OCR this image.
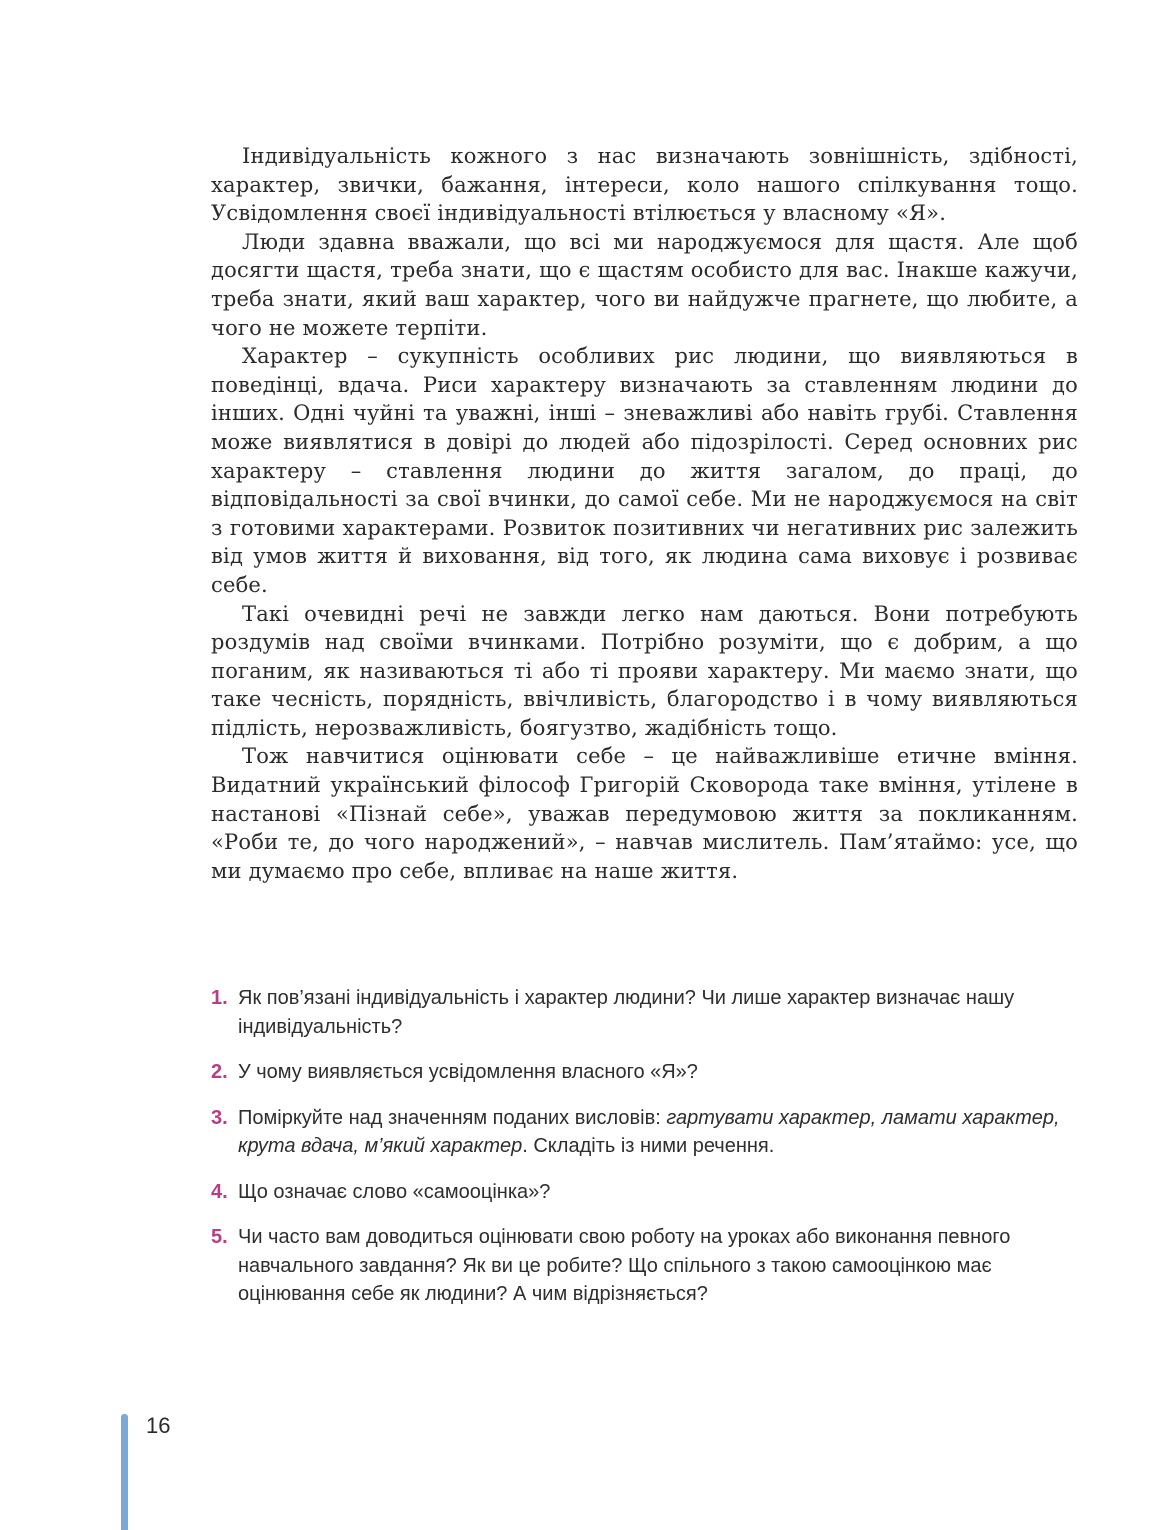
Індивідуальність кожного з нас визначають зовнішність, здібності, характер, звички, бажання, інтереси, коло нашого спілкування тощо. Усвідомлення своєї індивідуальності втілюється у власному «Я».

Люди здавна вважали, що всі ми народжуємося для щастя. Але щоб досягти щастя, треба знати, що є щастям особисто для вас. Інакше кажучи, треба знати, який ваш характер, чого ви найдужче прагнете, що любите, а чого не можете терпіти.

Характер – сукупність особливих рис людини, що виявляються в поведінці, вдача. Риси характеру визначають за ставленням людини до інших. Одні чуйні та уважні, інші – зневажливі або навіть грубі. Ставлення може виявлятися в довірі до людей або підозрілості. Серед основних рис характеру – ставлення людини до життя загалом, до праці, до відповідальності за свої вчинки, до самої себе. Ми не народжуємося на світ з готовими характерами. Розвиток позитивних чи негативних рис залежить від умов життя й виховання, від того, як людина сама виховує і розвиває себе.

Такі очевидні речі не завжди легко нам даються. Вони потребують роздумів над своїми вчинками. Потрібно розуміти, що є добрим, а що поганим, як називаються ті або ті прояви характеру. Ми маємо знати, що таке чесність, порядність, ввічливість, благородство і в чому виявляються підлість, нерозважливість, боягузтво, жадібність тощо.

Тож навчитися оцінювати себе – це найважливіше етичне вміння. Видатний український філософ Григорій Сковорода таке вміння, утілене в настанові «Пізнай себе», уважав передумовою життя за покликанням. «Роби те, до чого народжений», – навчав мислитель. Пам’ятаймо: усе, що ми думаємо про себе, впливає на наше життя.

1. Як пов’язані індивідуальність і характер людини? Чи лише характер визначає нашу індивідуальність?
2. У чому виявляється усвідомлення власного «Я»?
3. Поміркуйте над значенням поданих висловів: гартувати характер, ламати характер, крута вдача, м’який характер. Складіть із ними речення.
4. Що означає слово «самооцінка»?
5. Чи часто вам доводиться оцінювати свою роботу на уроках або виконання певного навчального завдання? Як ви це робите? Що спільного з такою самооцінкою має оцінювання себе як людини? А чим відрізняється?
16
